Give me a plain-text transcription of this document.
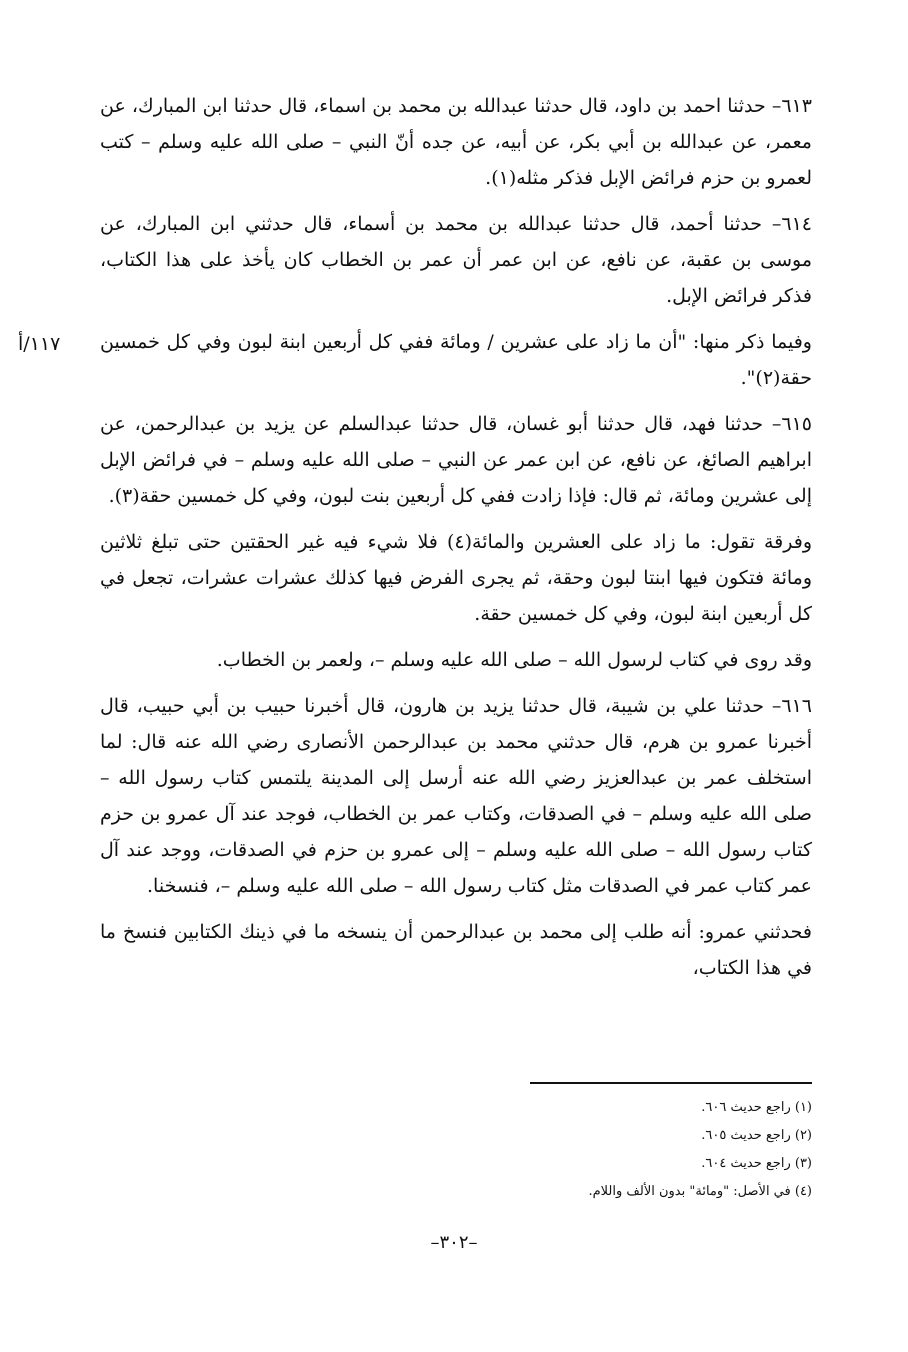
١١٧/أ

٦١٣– حدثنا احمد بن داود، قال حدثنا عبدالله بن محمد بن اسماء، قال حدثنا ابن المبارك، عن معمر، عن عبدالله بن أبي بكر، عن أبيه، عن جده أنّ النبي – صلى الله عليه وسلم – كتب لعمرو بن حزم فرائض الإبل فذكر مثله(١).

٦١٤– حدثنا أحمد، قال حدثنا عبدالله بن محمد بن أسماء، قال حدثني ابن المبارك، عن موسى بن عقبة، عن نافع، عن ابن عمر أن عمر بن الخطاب كان يأخذ على هذا الكتاب، فذكر فرائض الإبل.

وفيما ذكر منها: "أن ما زاد على عشرين / ومائة ففي كل أربعين ابنة لبون وفي كل خمسين حقة(٢)".

٦١٥– حدثنا فهد، قال حدثنا أبو غسان، قال حدثنا عبدالسلم عن يزيد بن عبدالرحمن، عن ابراهيم الصائغ، عن نافع، عن ابن عمر عن النبي – صلى الله عليه وسلم – في فرائض الإبل إلى عشرين ومائة، ثم قال: فإذا زادت ففي كل أربعين بنت لبون، وفي كل خمسين حقة(٣).

وفرقة تقول: ما زاد على العشرين والمائة(٤) فلا شيء فيه غير الحقتين حتى تبلغ ثلاثين ومائة فتكون فيها ابنتا لبون وحقة، ثم يجرى الفرض فيها كذلك عشرات عشرات، تجعل في كل أربعين ابنة لبون، وفي كل خمسين حقة.

وقد روى في كتاب لرسول الله – صلى الله عليه وسلم –، ولعمر بن الخطاب.

٦١٦– حدثنا علي بن شيبة، قال حدثنا يزيد بن هارون، قال أخبرنا حبيب بن أبي حبيب، قال أخبرنا عمرو بن هرم، قال حدثني محمد بن عبدالرحمن الأنصارى رضي الله عنه قال: لما استخلف عمر بن عبدالعزيز رضي الله عنه أرسل إلى المدينة يلتمس كتاب رسول الله – صلى الله عليه وسلم – في الصدقات، وكتاب عمر بن الخطاب، فوجد عند آل عمرو بن حزم كتاب رسول الله – صلى الله عليه وسلم – إلى عمرو بن حزم في الصدقات، ووجد عند آل عمر كتاب عمر في الصدقات مثل كتاب رسول الله – صلى الله عليه وسلم –، فنسخنا.

فحدثني عمرو: أنه طلب إلى محمد بن عبدالرحمن أن ينسخه ما في ذينك الكتابين فنسخ ما في هذا الكتاب،

(١) راجع حديث ٦٠٦.
(٢) راجع حديث ٦٠٥.
(٣) راجع حديث ٦٠٤.
(٤) في الأصل: "ومائة" بدون الألف واللام.
–٣٠٢–
